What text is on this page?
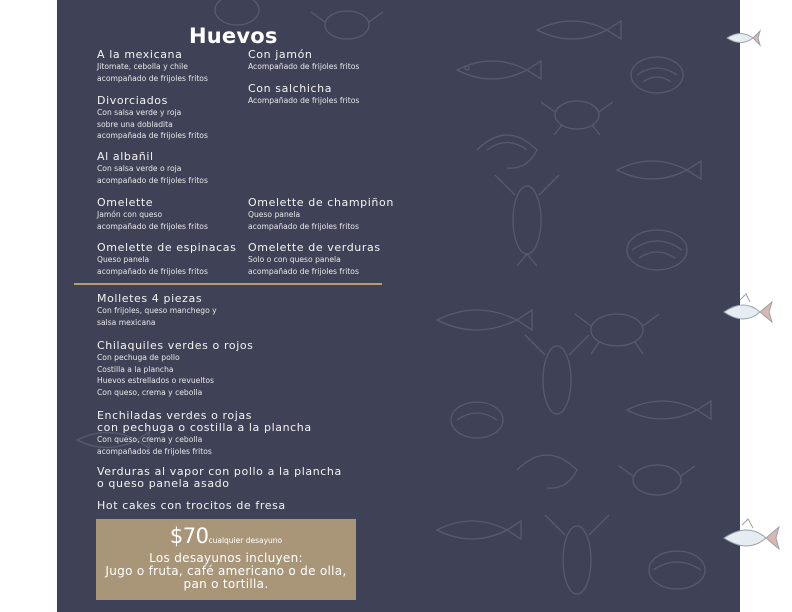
Huevos
A la mexicana
Jitomate, cebolla y chile
acompañado de frijoles fritos
Con jamón
Acompañado de frijoles fritos
Con salchicha
Acompañado de frijoles fritos
Divorciados
Con salsa verde y roja
sobre una dobladita
acompañada de frijoles fritos
Al albañil
Con salsa verde o roja
acompañado de frijoles fritos
Omelette
Jamón con queso
acompañado de frijoles fritos
Omelette de champiñon
Queso panela
acompañado de frijoles fritos
Omelette de espinacas
Queso panela
acompañado de frijoles fritos
Omelette de verduras
Solo o con queso panela
acompañado de frijoles fritos
Molletes 4 piezas
Con frijoles, queso manchego y
salsa mexicana
Chilaquiles verdes o rojos
Con pechuga de pollo
Costilla a la plancha
Huevos estrellados o revueltos
Con queso, crema y cebolla
Enchiladas verdes o rojas
con pechuga o costilla a la plancha
Con queso, crema y cebolla
acompañados de frijoles fritos
Verduras al vapor con pollo a la plancha
o queso panela asado
Hot cakes con trocitos de fresa
$70cualquier desayuno
Los desayunos incluyen:
Jugo o fruta, café americano o de olla,
pan o tortilla.
